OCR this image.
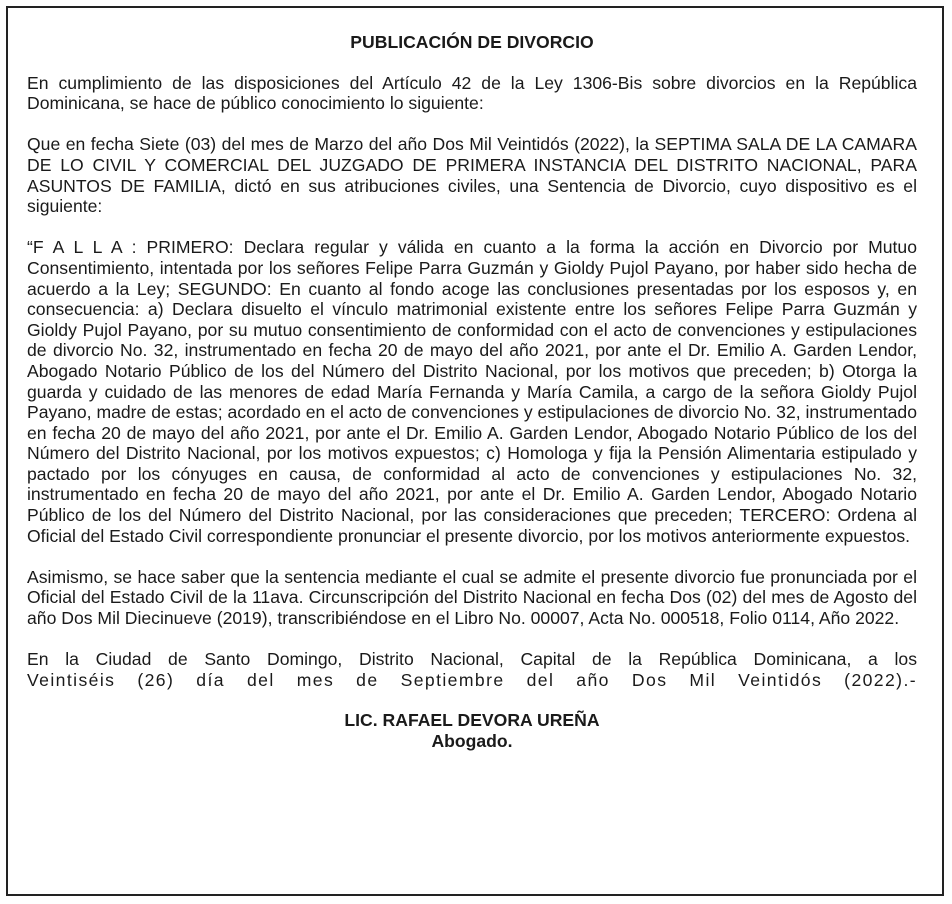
PUBLICACIÓN DE DIVORCIO

En cumplimiento de las disposiciones del Artículo 42 de la Ley 1306-Bis sobre divorcios en la República Dominicana, se hace de público conocimiento lo siguiente:

Que en fecha Siete (03) del mes de Marzo del año Dos Mil Veintidós (2022), la SEPTIMA SALA DE LA CAMARA DE LO CIVIL Y COMERCIAL DEL JUZGADO DE PRIMERA INSTANCIA DEL DISTRITO NACIONAL, PARA ASUNTOS DE FAMILIA, dictó en sus atribuciones civiles, una Sentencia de Divorcio, cuyo dispositivo es el siguiente:

“F A L L A : PRIMERO: Declara regular y válida en cuanto a la forma la acción en Divorcio por Mutuo Consentimiento, intentada por los señores Felipe Parra Guzmán y Gioldy Pujol Payano, por haber sido hecha de acuerdo a la Ley; SEGUNDO: En cuanto al fondo acoge las conclusiones presentadas por los esposos y, en consecuencia: a) Declara disuelto el vínculo matrimonial existente entre los señores Felipe Parra Guzmán y Gioldy Pujol Payano, por su mutuo consentimiento de conformidad con el acto de convenciones y estipulaciones de divorcio No. 32, instrumentado en fecha 20 de mayo del año 2021, por ante el Dr. Emilio A. Garden Lendor, Abogado Notario Público de los del Número del Distrito Nacional, por los motivos que preceden; b) Otorga la guarda y cuidado de las menores de edad María Fernanda y María Camila, a cargo de la señora Gioldy Pujol Payano, madre de estas; acordado en el acto de convenciones y estipulaciones de divorcio No. 32, instrumentado en fecha 20 de mayo del año 2021, por ante el Dr. Emilio A. Garden Lendor, Abogado Notario Público de los del Número del Distrito Nacional, por los motivos expuestos; c) Homologa y fija la Pensión Alimentaria estipulado y pactado por los cónyuges en causa, de conformidad al acto de convenciones y estipulaciones No. 32, instrumentado en fecha 20 de mayo del año 2021, por ante el Dr. Emilio A. Garden Lendor, Abogado Notario Público de los del Número del Distrito Nacional, por las consideraciones que preceden; TERCERO: Ordena al Oficial del Estado Civil correspondiente pronunciar el presente divorcio, por los motivos anteriormente expuestos.

Asimismo, se hace saber que la sentencia mediante el cual se admite el presente divorcio fue pronunciada por el Oficial del Estado Civil de la 11ava. Circunscripción del Distrito Nacional en fecha Dos (02) del mes de Agosto del año Dos Mil Diecinueve (2019), transcribiéndose en el Libro No. 00007, Acta No. 000518, Folio 0114, Año 2022.

En la Ciudad de Santo Domingo, Distrito Nacional, Capital de la República Dominicana, a los
Veintiséis (26) día del mes de Septiembre del año Dos Mil Veintidós (2022).-

LIC. RAFAEL DEVORA UREÑA
Abogado.
